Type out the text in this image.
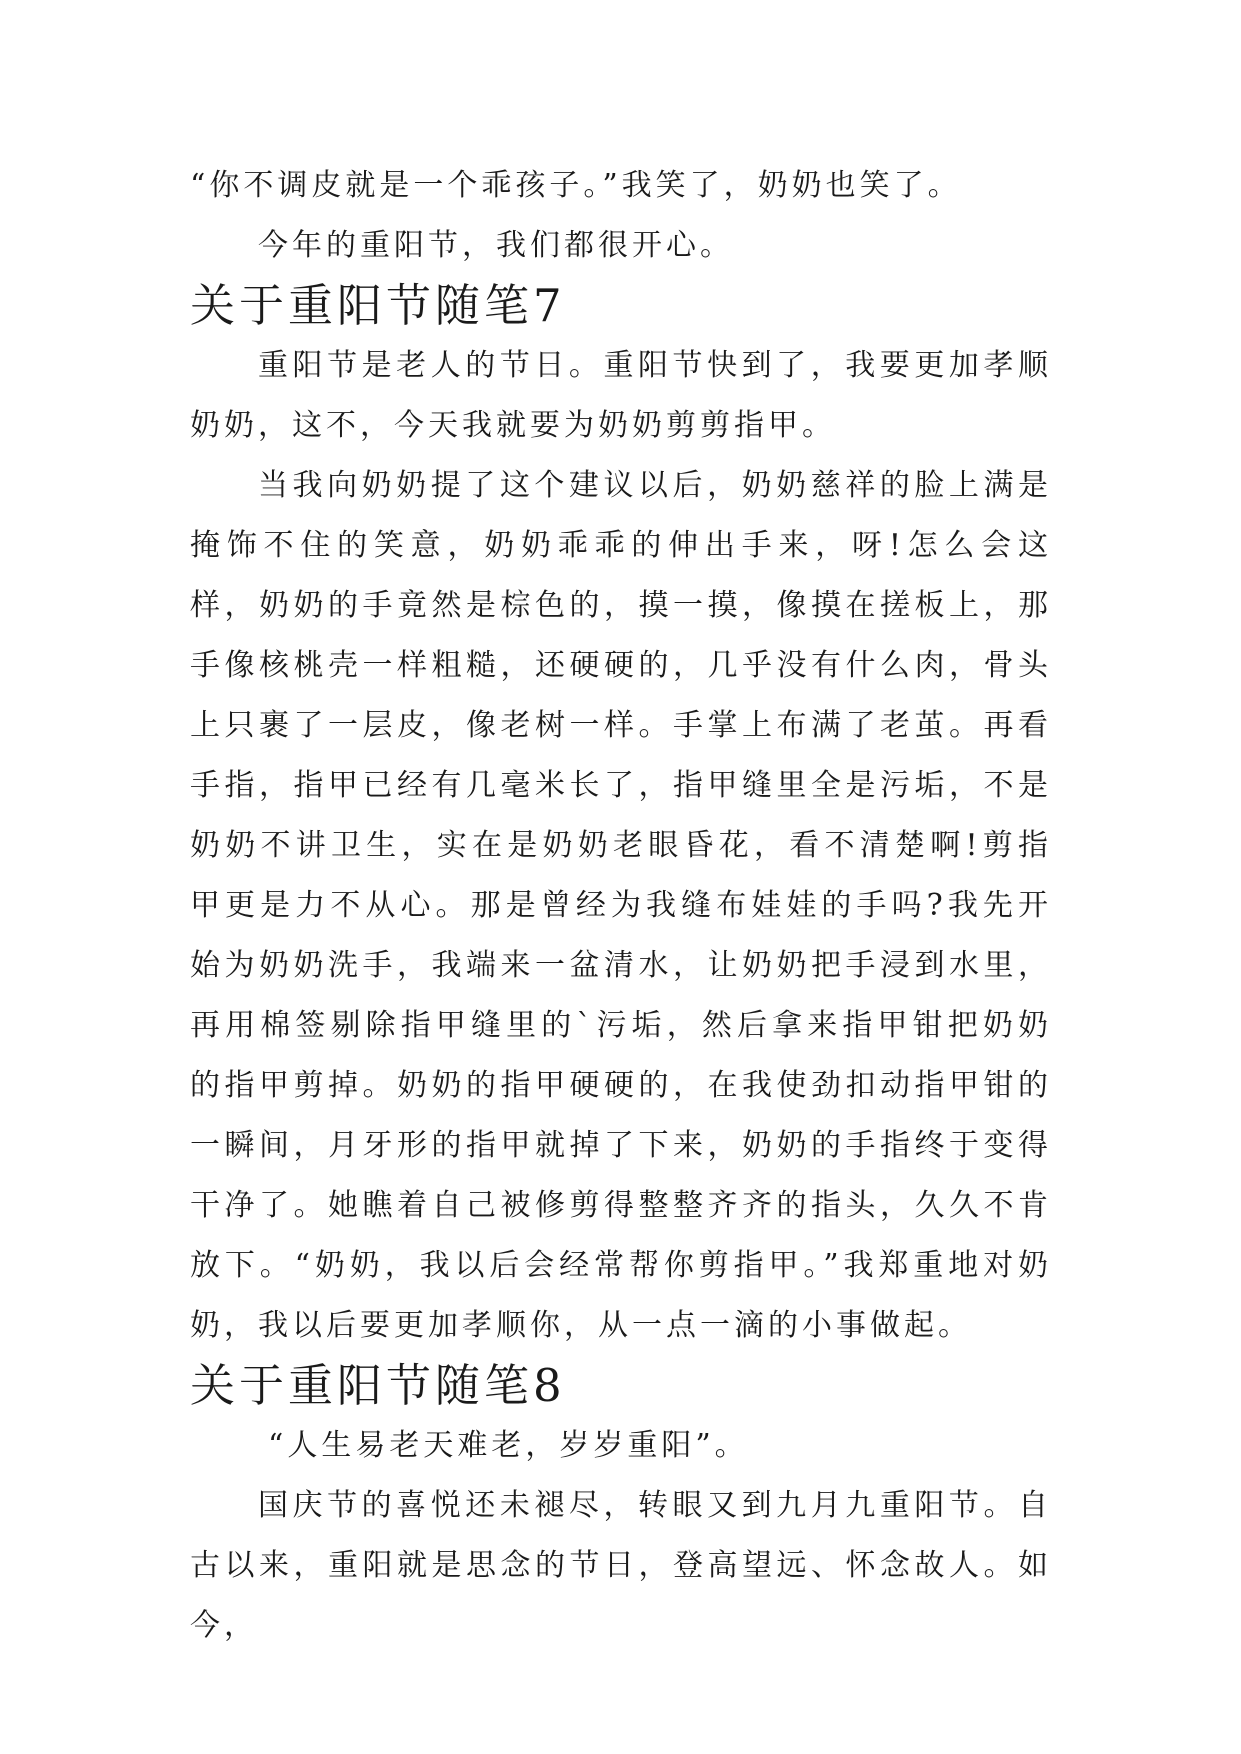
“你不调皮就是一个乖孩子。”我笑了，奶奶也笑了。

今年的重阳节，我们都很开心。

关于重阳节随笔7

重阳节是老人的节日。重阳节快到了，我要更加孝顺奶奶，这不，今天我就要为奶奶剪剪指甲。

当我向奶奶提了这个建议以后，奶奶慈祥的脸上满是掩饰不住的笑意，奶奶乖乖的伸出手来，呀!怎么会这样，奶奶的手竟然是棕色的，摸一摸，像摸在搓板上，那手像核桃壳一样粗糙，还硬硬的，几乎没有什么肉，骨头上只裹了一层皮，像老树一样。手掌上布满了老茧。再看手指，指甲已经有几毫米长了，指甲缝里全是污垢，不是奶奶不讲卫生，实在是奶奶老眼昏花，看不清楚啊!剪指甲更是力不从心。那是曾经为我缝布娃娃的手吗?我先开始为奶奶洗手，我端来一盆清水，让奶奶把手浸到水里，再用棉签剔除指甲缝里的`污垢，然后拿来指甲钳把奶奶的指甲剪掉。奶奶的指甲硬硬的，在我使劲扣动指甲钳的一瞬间，月牙形的指甲就掉了下来，奶奶的手指终于变得干净了。她瞧着自己被修剪得整整齐齐的指头，久久不肯放下。“奶奶，我以后会经常帮你剪指甲。”我郑重地对奶奶，我以后要更加孝顺你，从一点一滴的小事做起。

关于重阳节随笔8

“人生易老天难老，岁岁重阳”。

国庆节的喜悦还未褪尽，转眼又到九月九重阳节。自古以来，重阳就是思念的节日，登高望远、怀念故人。如今，
